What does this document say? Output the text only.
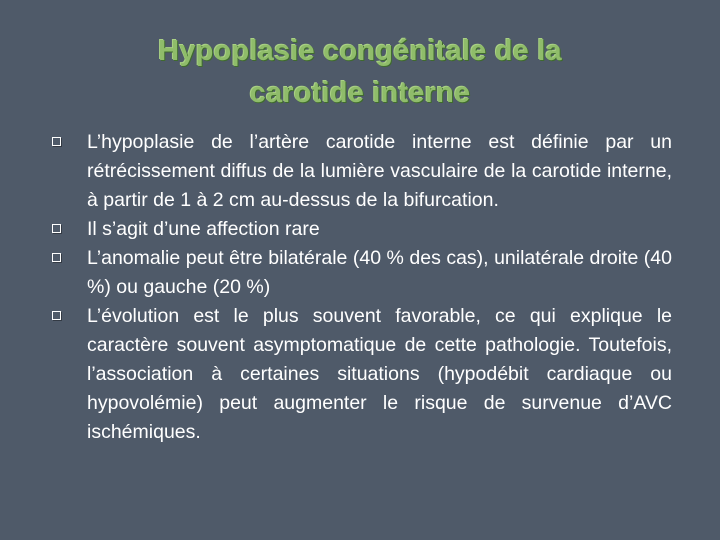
Hypoplasie congénitale de la
carotide interne
L’hypoplasie de l’artère carotide interne est définie par un rétrécissement diffus de la lumière vasculaire de la carotide interne, à partir de 1 à 2 cm au-dessus de la bifurcation.
Il s’agit d’une affection rare
L’anomalie peut être bilatérale (40 % des cas), unilatérale droite (40 %) ou gauche (20 %)
L’évolution est le plus souvent favorable, ce qui explique le caractère souvent asymptomatique de cette pathologie. Toutefois, l’association à certaines situations (hypodébit cardiaque ou hypovolémie) peut augmenter le risque de survenue d’AVC ischémiques.
